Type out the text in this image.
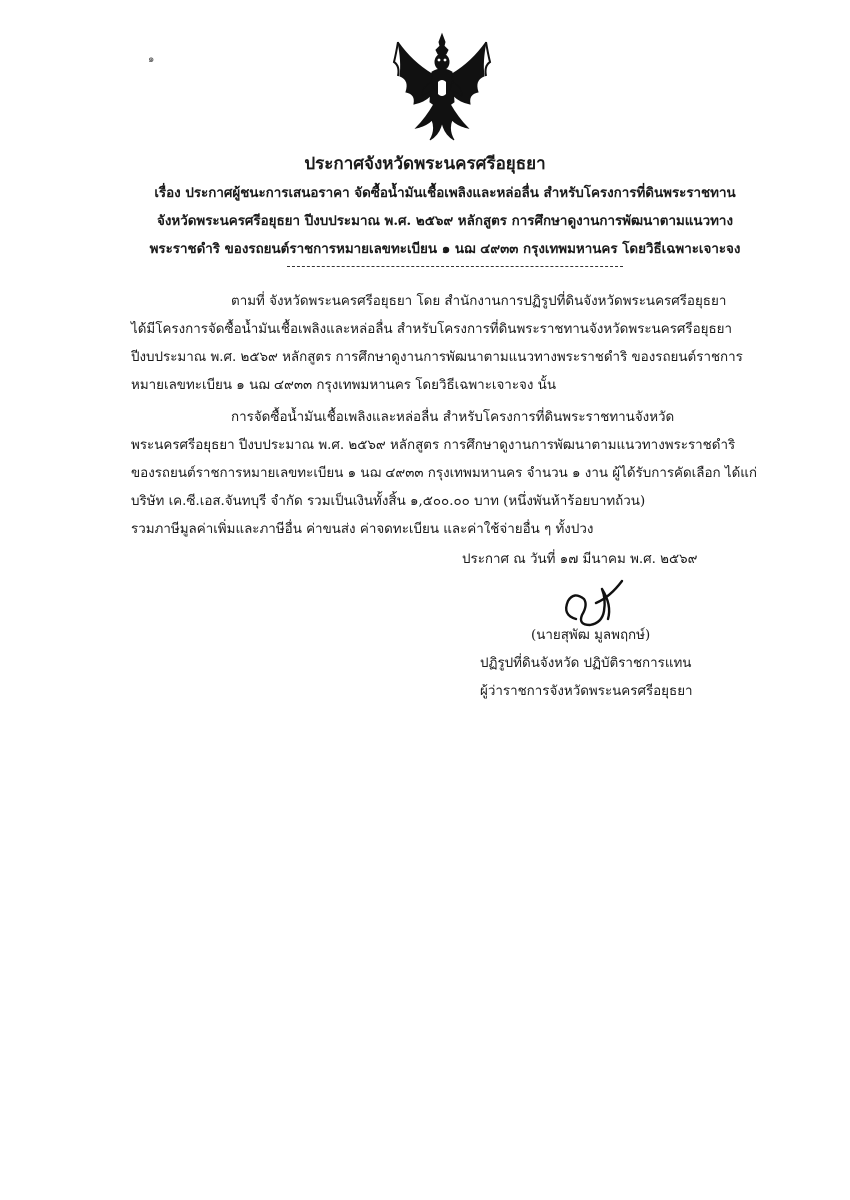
๑
ประกาศจังหวัดพระนครศรีอยุธยา
เรื่อง ประกาศผู้ชนะการเสนอราคา จัดซื้อน้ำมันเชื้อเพลิงและหล่อลื่น สำหรับโครงการที่ดินพระราชทาน
จังหวัดพระนครศรีอยุธยา ปีงบประมาณ พ.ศ. ๒๕๖๙ หลักสูตร การศึกษาดูงานการพัฒนาตามแนวทาง
พระราชดำริ ของรถยนต์ราชการหมายเลขทะเบียน ๑ นฌ ๔๙๓๓ กรุงเทพมหานคร โดยวิธีเฉพาะเจาะจง
ตามที่ จังหวัดพระนครศรีอยุธยา โดย สำนักงานการปฏิรูปที่ดินจังหวัดพระนครศรีอยุธยา
ได้มีโครงการจัดซื้อน้ำมันเชื้อเพลิงและหล่อลื่น สำหรับโครงการที่ดินพระราชทานจังหวัดพระนครศรีอยุธยา
ปีงบประมาณ พ.ศ. ๒๕๖๙ หลักสูตร การศึกษาดูงานการพัฒนาตามแนวทางพระราชดำริ ของรถยนต์ราชการ
หมายเลขทะเบียน ๑ นฌ ๔๙๓๓ กรุงเทพมหานคร โดยวิธีเฉพาะเจาะจง นั้น
การจัดซื้อน้ำมันเชื้อเพลิงและหล่อลื่น สำหรับโครงการที่ดินพระราชทานจังหวัด
พระนครศรีอยุธยา ปีงบประมาณ พ.ศ. ๒๕๖๙ หลักสูตร การศึกษาดูงานการพัฒนาตามแนวทางพระราชดำริ
ของรถยนต์ราชการหมายเลขทะเบียน ๑ นฌ ๔๙๓๓ กรุงเทพมหานคร จำนวน ๑ งาน ผู้ได้รับการคัดเลือก ได้แก่
บริษัท เค.ซี.เอส.จันทบุรี จำกัด รวมเป็นเงินทั้งสิ้น ๑,๕๐๐.๐๐ บาท (หนึ่งพันห้าร้อยบาทถ้วน)
รวมภาษีมูลค่าเพิ่มและภาษีอื่น ค่าขนส่ง ค่าจดทะเบียน และค่าใช้จ่ายอื่น ๆ ทั้งปวง
ประกาศ ณ วันที่ ๑๗ มีนาคม พ.ศ. ๒๕๖๙
(นายสุพัฒ มูลพฤกษ์)
ปฏิรูปที่ดินจังหวัด ปฏิบัติราชการแทน
ผู้ว่าราชการจังหวัดพระนครศรีอยุธยา
